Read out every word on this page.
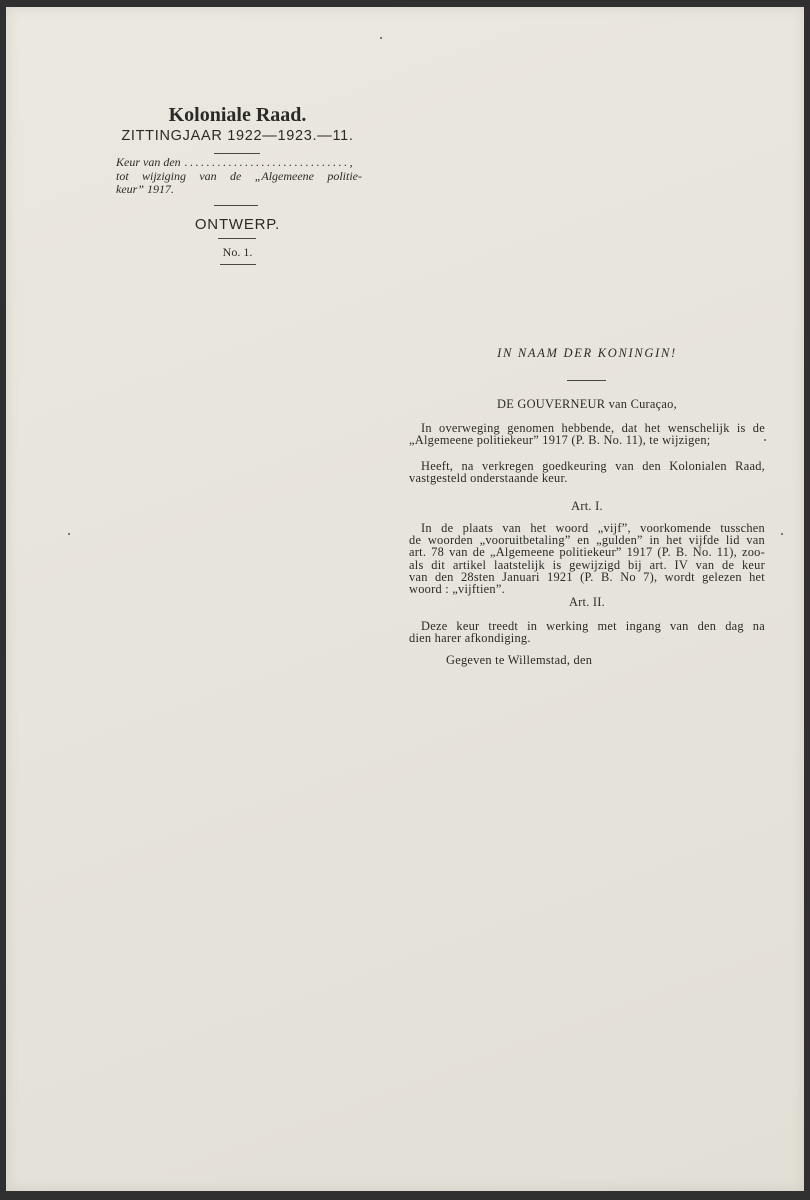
Koloniale Raad.
ZITTINGJAAR 1922—1923.—11.
Keur van den ..............................,
tot wijziging van de „Algemeene politie-
keur” 1917.
ONTWERP.
No. 1.
IN NAAM DER KONINGIN!
DE GOUVERNEUR van Curaçao,
In overweging genomen hebbende, dat het wenschelijk is de
„Algemeene politiekeur” 1917 (P. B. No. 11), te wijzigen;
Heeft, na verkregen goedkeuring van den Kolonialen Raad,
vastgesteld onderstaande keur.
Art. I.
In de plaats van het woord „vijf”, voorkomende tusschen
de woorden „vooruitbetaling” en „gulden” in het vijfde lid van
art. 78 van de „Algemeene politiekeur” 1917 (P. B. No. 11), zoo-
als dit artikel laatstelijk is gewijzigd bij art. IV van de keur
van den 28sten Januari 1921 (P. B. No 7), wordt gelezen het
woord : „vijftien”.
Art. II.
Deze keur treedt in werking met ingang van den dag na
dien harer afkondiging.
Gegeven te Willemstad, den
